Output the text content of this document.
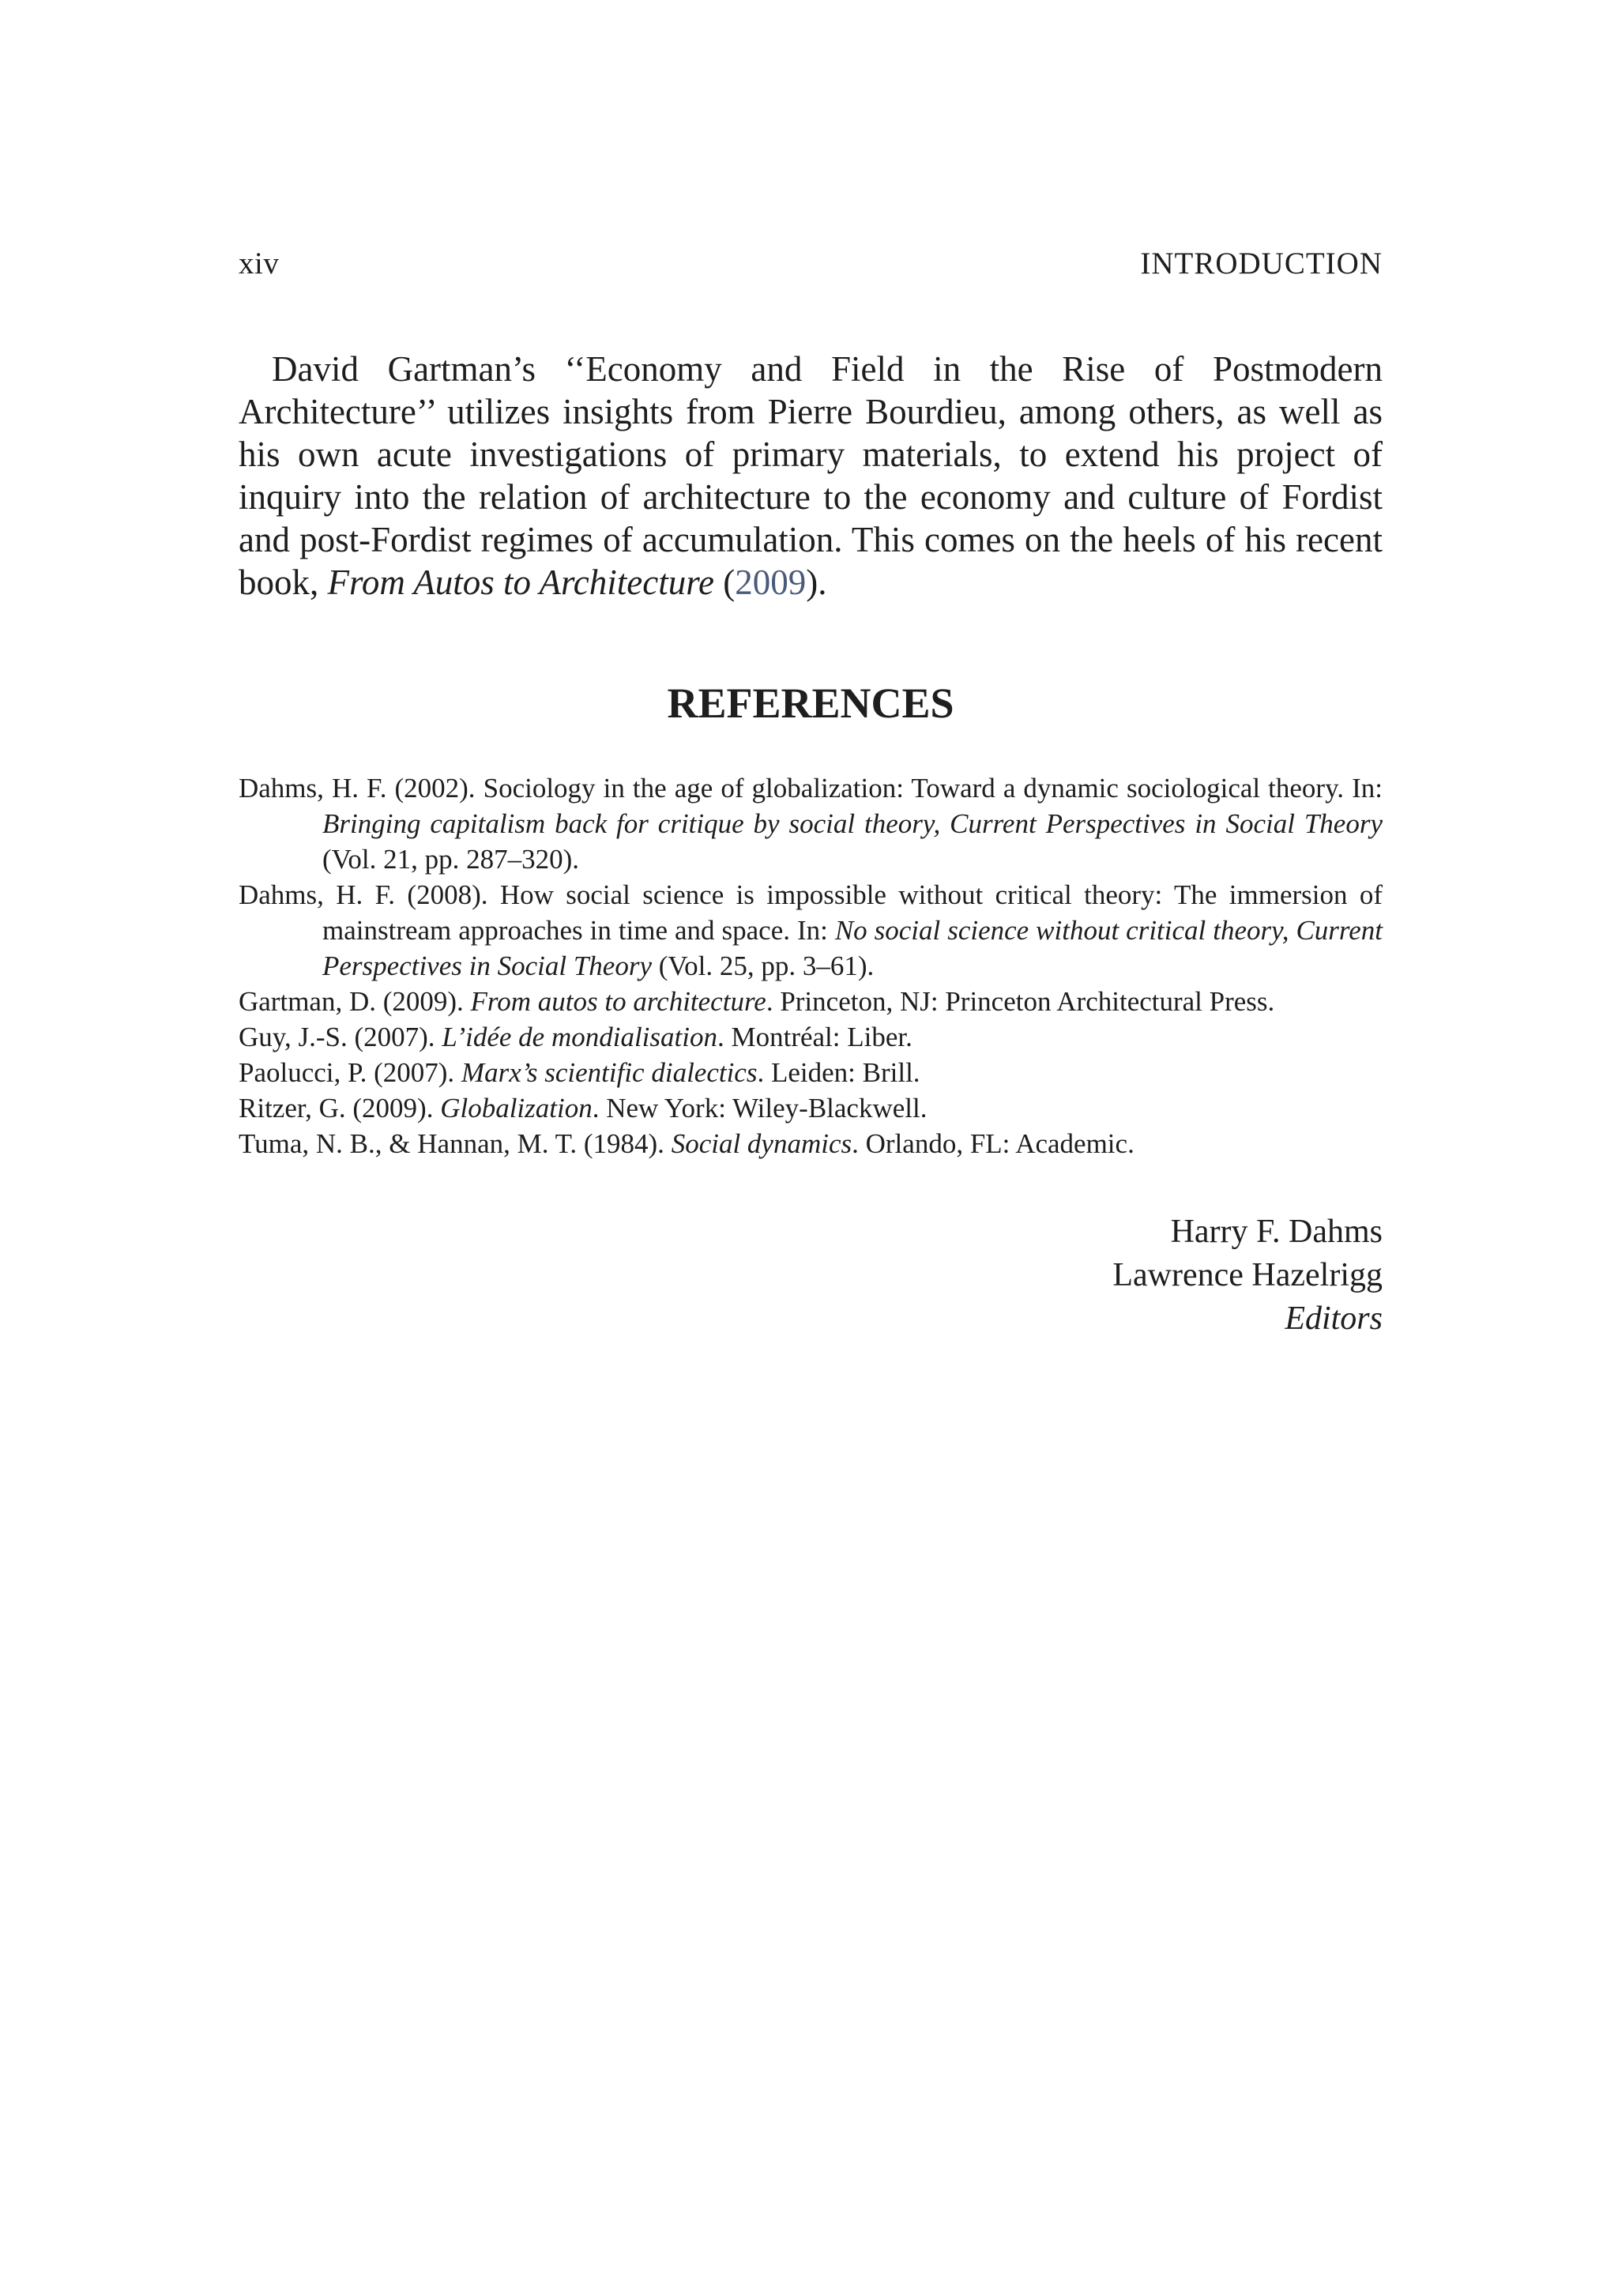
xiv	INTRODUCTION

David Gartman’s ‘‘Economy and Field in the Rise of Postmodern Architecture’’ utilizes insights from Pierre Bourdieu, among others, as well as his own acute investigations of primary materials, to extend his project of inquiry into the relation of architecture to the economy and culture of Fordist and post-Fordist regimes of accumulation. This comes on the heels of his recent book, From Autos to Architecture (2009).

REFERENCES
Dahms, H. F. (2002). Sociology in the age of globalization: Toward a dynamic sociological theory. In: Bringing capitalism back for critique by social theory, Current Perspectives in Social Theory (Vol. 21, pp. 287–320).
Dahms, H. F. (2008). How social science is impossible without critical theory: The immersion of mainstream approaches in time and space. In: No social science without critical theory, Current Perspectives in Social Theory (Vol. 25, pp. 3–61).
Gartman, D. (2009). From autos to architecture. Princeton, NJ: Princeton Architectural Press.
Guy, J.-S. (2007). L’idée de mondialisation. Montréal: Liber.
Paolucci, P. (2007). Marx’s scientific dialectics. Leiden: Brill.
Ritzer, G. (2009). Globalization. New York: Wiley-Blackwell.
Tuma, N. B., & Hannan, M. T. (1984). Social dynamics. Orlando, FL: Academic.
Harry F. Dahms
Lawrence Hazelrigg
Editors
